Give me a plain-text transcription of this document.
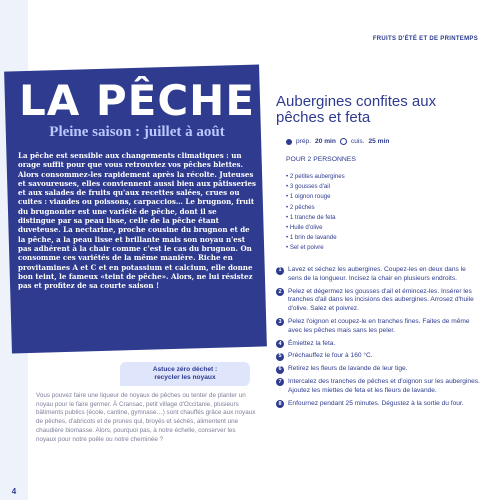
FRUITS D'ÉTÉ ET DE PRINTEMPS
LA PÊCHE
Pleine saison : juillet à août
La pêche est sensible aux changements climatiques : un orage suffit pour que vous retrouviez vos pêches blettes. Alors consommez-les rapidement après la récolte. Juteuses et savoureuses, elles conviennent aussi bien aux pâtisseries et aux salades de fruits qu'aux recettes salées, crues ou cuites : viandes ou poissons, carpaccios… Le brugnon, fruit du brugnonier est une variété de pêche, dont il se distingue par sa peau lisse, celle de la pêche étant duveteuse. La nectarine, proche cousine du brugnon et de la pêche, a la peau lisse et brillante mais son noyau n'est pas adhérent à la chair comme c'est le cas du brugnon. On consomme ces variétés de la même manière. Riche en provitamines A et C et en potassium et calcium, elle donne bon teint, le fameux «teint de pêche». Alors, ne lui résistez pas et profitez de sa courte saison !
Astuce zéro déchet :
recycler les noyaux
Vous pouvez faire une liqueur de noyaux de pêches ou tenter de planter un noyau pour le faire germer. À Cransac, petit village d'Occitanie, plusieurs bâtiments publics (école, cantine, gymnase…) sont chauffés grâce aux noyaux de pêches, d'abricots et de prunes qui, broyés et séchés, alimentent une chaudière biomasse. Alors, pourquoi pas, à notre échelle, conserver les noyaux pour notre poêle ou notre cheminée ?
4
Aubergines confites aux pêches et feta
prép. 20 min cuis. 25 min
POUR 2 PERSONNES
• 2 petites aubergines
• 3 gousses d'ail
• 1 oignon rouge
• 2 pêches
• 1 tranche de feta
• Huile d'olive
• 1 brin de lavande
• Sel et poivre
1 Lavez et séchez les aubergines. Coupez-les en deux dans le sens de la longueur. Incisez la chair en plusieurs endroits.
2 Pelez et dégermez les gousses d'ail et émincez-les. Insérer les tranches d'ail dans les incisions des aubergines. Arrosez d'huile d'olive. Salez et poivrez.
3 Pelez l'oignon et coupez-le en tranches fines. Faites de même avec les pêches mais sans les peler.
4 Émiettez la feta.
5 Préchauffez le four à 160 °C.
6 Retirez les fleurs de lavande de leur tige.
7 Intercalez des tranches de pêches et d'oignon sur les aubergines. Ajoutez les miettes de feta et les fleurs de lavande.
8 Enfournez pendant 25 minutes. Dégustez à la sortie du four.
